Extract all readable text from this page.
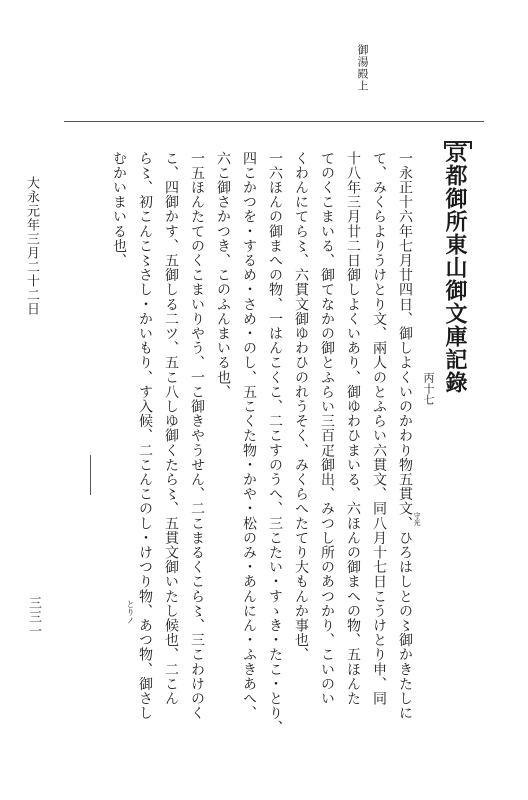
御湯殿上
京都御所東山御文庫記錄
丙十七
一永正十六年七月廿四日、御しよくいのかわり物五貫文、ひろはしとの〻御かきたしに
て、みくらよりうけとり文、兩人のとふらい六貫文、同八月十七日こうけとり申、同
十八年三月廿二日御しよくいあり、御ゆわひまいる、六ほんの御まへの物、五ほんた
てのくこまいる、御てなかの御とふらい三百疋御出、みつし所のあつかり、こいのい
くわんにてら〻、六貫文御ゆわひのれうそく、みくらへたてり大もんか事也、
一六ほんの御まへの物、一はんこくこ、二こすのうへ、三こたい・すゝき・たこ・とり、
四こかつを・するめ・さめ・のし、五こくた物・かや・松のみ・あんにん・ふきあへ、
六こ御さかつき、このふんまいる也、
一五ほんたてのくこまいりやう、一こ御きやうせん、二こまるくこら〻、三こわけのく
こ、四御かす、五御しる二ツ、五こ八しゆ御くたら〻、五貫文御いたし候也、二こん
ら〻、初こんこ〻さし・かいもり、す入候、二こんこのし・けつり物、あつ物、御さし
むかいまいる也、
守光
とりノ
大永元年三月二十二日
三三一
